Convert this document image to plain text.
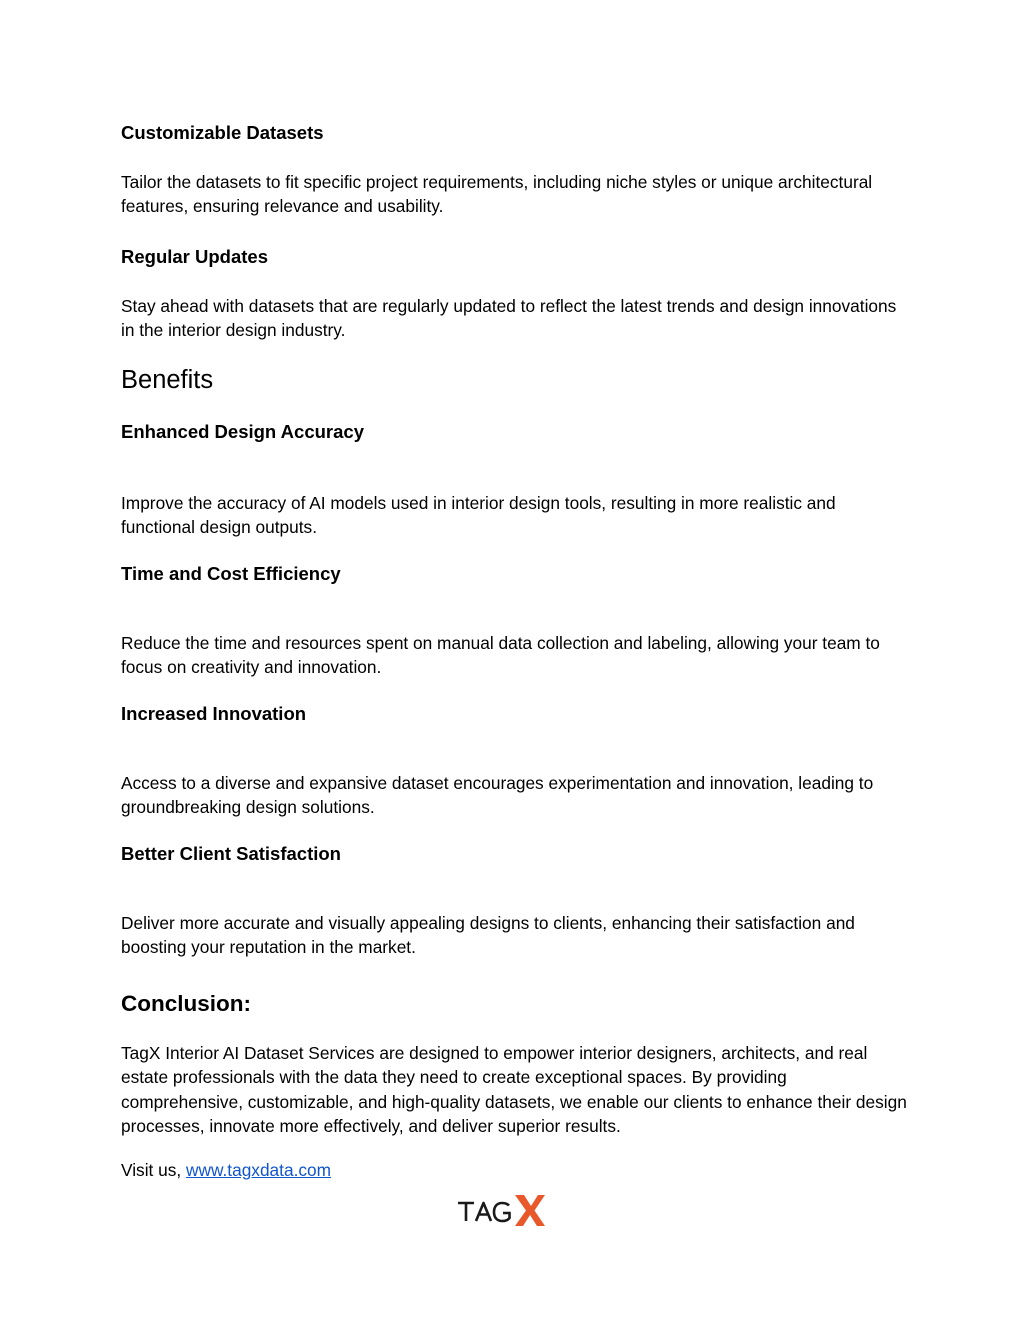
Customizable Datasets

Tailor the datasets to fit specific project requirements, including niche styles or unique architectural features, ensuring relevance and usability.

Regular Updates

Stay ahead with datasets that are regularly updated to reflect the latest trends and design innovations in the interior design industry.

Benefits
Enhanced Design Accuracy

Improve the accuracy of AI models used in interior design tools, resulting in more realistic and functional design outputs.

Time and Cost Efficiency

Reduce the time and resources spent on manual data collection and labeling, allowing your team to focus on creativity and innovation.

Increased Innovation

Access to a diverse and expansive dataset encourages experimentation and innovation, leading to groundbreaking design solutions.

Better Client Satisfaction

Deliver more accurate and visually appealing designs to clients, enhancing their satisfaction and boosting your reputation in the market.

Conclusion:

TagX Interior AI Dataset Services are designed to empower interior designers, architects, and real estate professionals with the data they need to create exceptional spaces. By providing comprehensive, customizable, and high-quality datasets, we enable our clients to enhance their design processes, innovate more effectively, and deliver superior results.

Visit us, www.tagxdata.com
